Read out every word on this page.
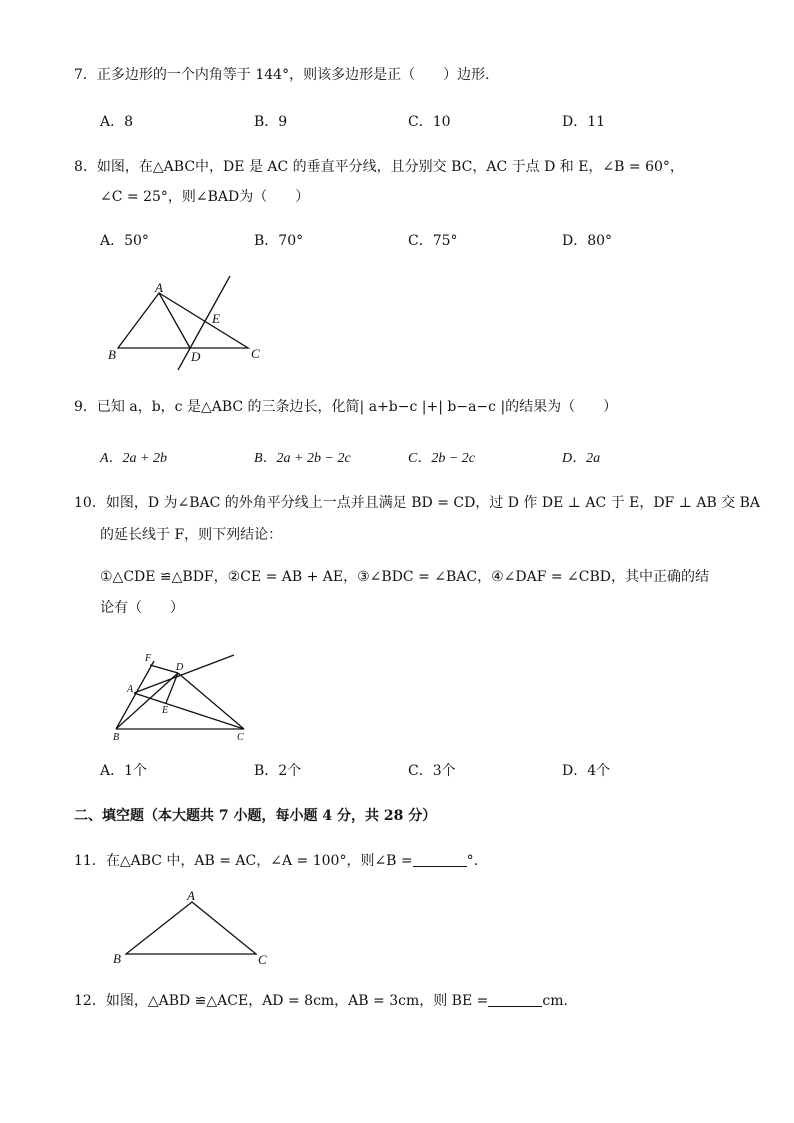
7．正多边形的一个内角等于 144°，则该多边形是正（　　）边形.
A．8	B．9	C．10	D．11
8．如图，在△ABC中，DE 是 AC 的垂直平分线，且分别交 BC，AC 于点 D 和 E，∠B = 60°，
∠C = 25°，则∠BAD为（　　）
A．50°	B．70°	C．75°	D．80°
A
B	C
D
E
9．已知 a，b，c 是△ABC 的三条边长，化简| a+b−c |+| b−a−c |的结果为（　　）
A．2a + 2b	B．2a + 2b − 2c	C．2b − 2c	D．2a
10．如图，D 为∠BAC 的外角平分线上一点并且满足 BD = CD，过 D 作 DE ⊥ AC 于 E，DF ⊥ AB 交 BA
的延长线于 F，则下列结论：
①△CDE ≌△BDF，②CE = AB + AE，③∠BDC = ∠BAC，④∠DAF = ∠CBD，其中正确的结
论有（　　）
F
D
A
E
B	C
A．1个	B．2个	C．3个	D．4个
二、填空题（本大题共 7 小题，每小题 4 分，共 28 分）
11．在△ABC 中，AB = AC，∠A = 100°，则∠B =	°.
A
B	C
12．如图，△ABD ≌△ACE，AD = 8cm，AB = 3cm，则 BE =	cm.
